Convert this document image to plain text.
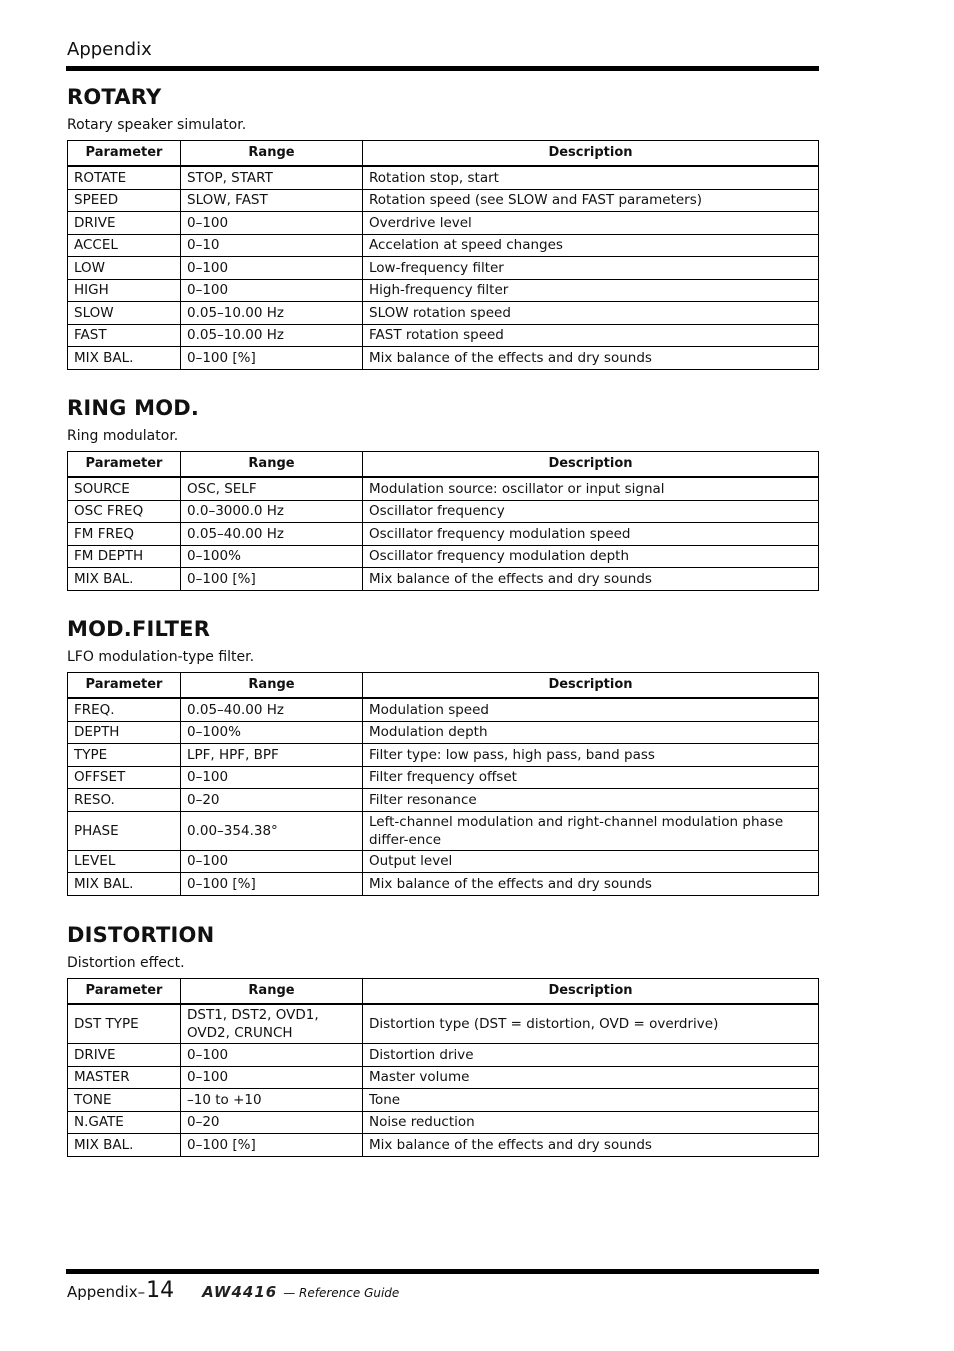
Appendix
ROTARY

Rotary speaker simulator.

Parameter	Range	Description
ROTATE	STOP, START	Rotation stop, start
SPEED	SLOW, FAST	Rotation speed (see SLOW and FAST parameters)
DRIVE	0–100	Overdrive level
ACCEL	0–10	Accelation at speed changes
LOW	0–100	Low-frequency filter
HIGH	0–100	High-frequency filter
SLOW	0.05–10.00 Hz	SLOW rotation speed
FAST	0.05–10.00 Hz	FAST rotation speed
MIX BAL.	0–100 [%]	Mix balance of the effects and dry sounds
RING MOD.

Ring modulator.

Parameter	Range	Description
SOURCE	OSC, SELF	Modulation source: oscillator or input signal
OSC FREQ	0.0–3000.0 Hz	Oscillator frequency
FM FREQ	0.05–40.00 Hz	Oscillator frequency modulation speed
FM DEPTH	0–100%	Oscillator frequency modulation depth
MIX BAL.	0–100 [%]	Mix balance of the effects and dry sounds
MOD.FILTER

LFO modulation-type filter.

Parameter	Range	Description
FREQ.	0.05–40.00 Hz	Modulation speed
DEPTH	0–100%	Modulation depth
TYPE	LPF, HPF, BPF	Filter type: low pass, high pass, band pass
OFFSET	0–100	Filter frequency offset
RESO.	0–20	Filter resonance
PHASE	0.00–354.38°	Left-channel modulation and right-channel modulation phase differ-ence
LEVEL	0–100	Output level
MIX BAL.	0–100 [%]	Mix balance of the effects and dry sounds
DISTORTION

Distortion effect.

Parameter	Range	Description
DST TYPE	DST1, DST2, OVD1, OVD2, CRUNCH	Distortion type (DST = distortion, OVD = overdrive)
DRIVE	0–100	Distortion drive
MASTER	0–100	Master volume
TONE	–10 to +10	Tone
N.GATE	0–20	Noise reduction
MIX BAL.	0–100 [%]	Mix balance of the effects and dry sounds
Appendix– 14 AW4416 — Reference Guide
